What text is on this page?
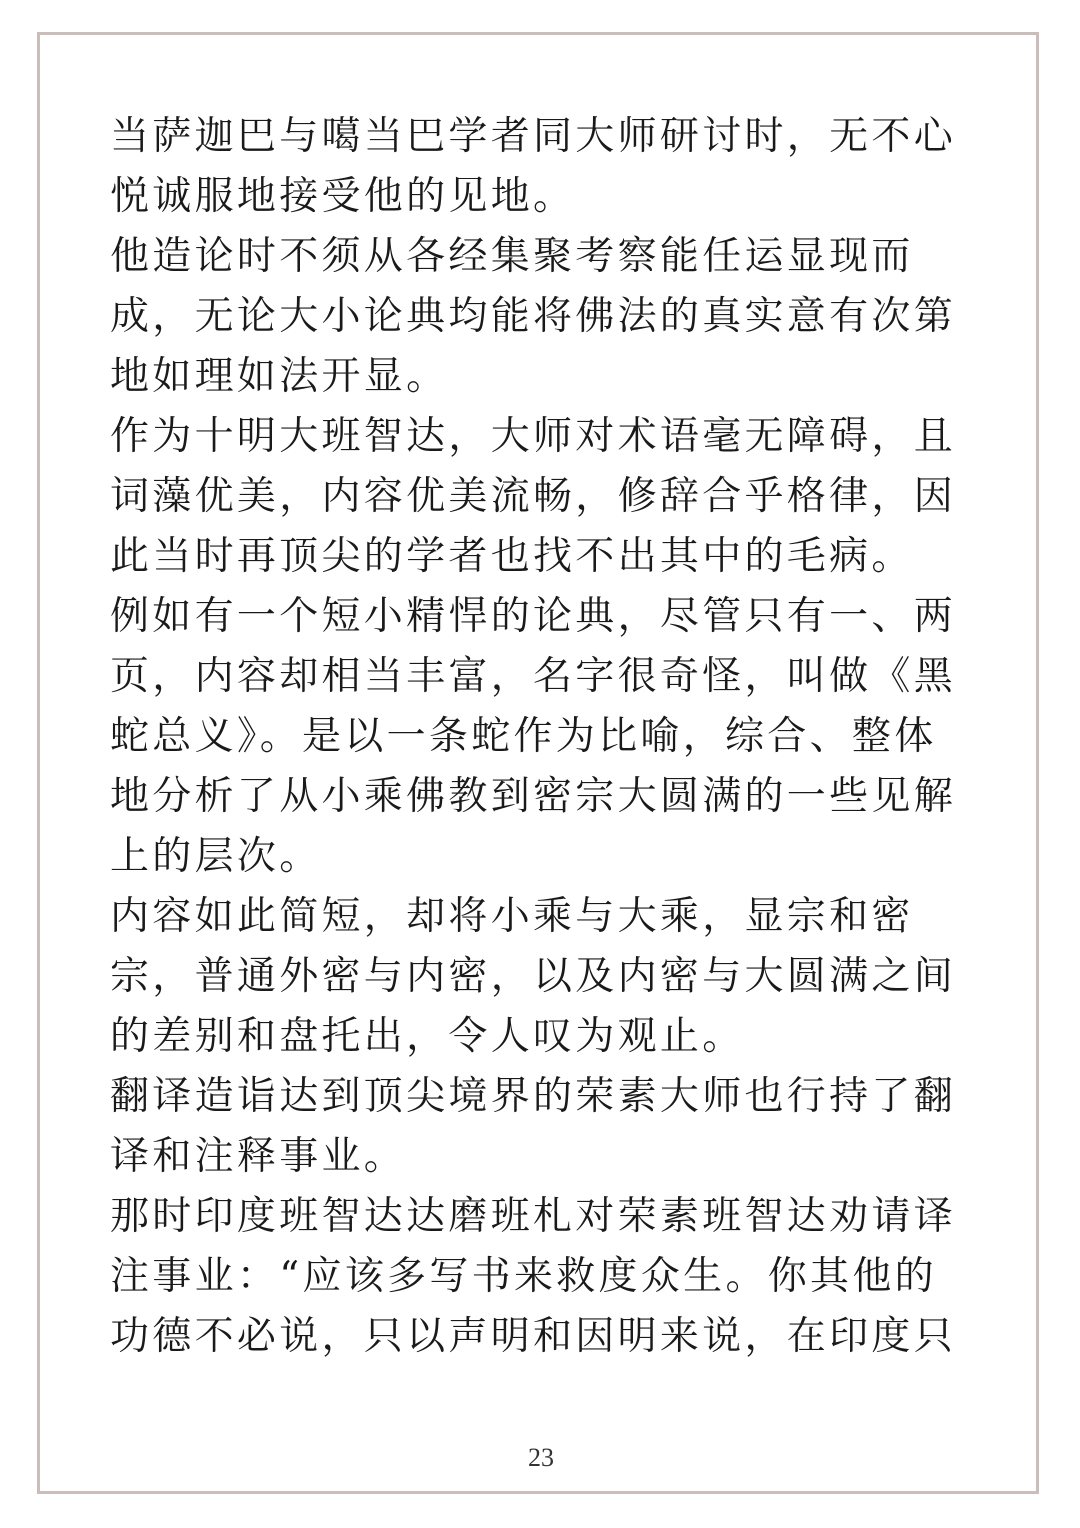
当萨迦巴与噶当巴学者同大师研讨时，无不心悦诚服地接受他的见地。

他造论时不须从各经集聚考察能任运显现而成，无论大小论典均能将佛法的真实意有次第地如理如法开显。

作为十明大班智达，大师对术语毫无障碍，且词藻优美，内容优美流畅，修辞合乎格律，因此当时再顶尖的学者也找不出其中的毛病。

例如有一个短小精悍的论典，尽管只有一、两页，内容却相当丰富，名字很奇怪，叫做《黑蛇总义》。是以一条蛇作为比喻，综合、整体地分析了从小乘佛教到密宗大圆满的一些见解上的层次。

内容如此简短，却将小乘与大乘，显宗和密宗，普通外密与内密，以及内密与大圆满之间的差别和盘托出，令人叹为观止。

翻译造诣达到顶尖境界的荣素大师也行持了翻译和注释事业。

那时印度班智达达磨班札对荣素班智达劝请译注事业：“应该多写书来救度众生。你其他的功德不必说，只以声明和因明来说，在印度只

23
